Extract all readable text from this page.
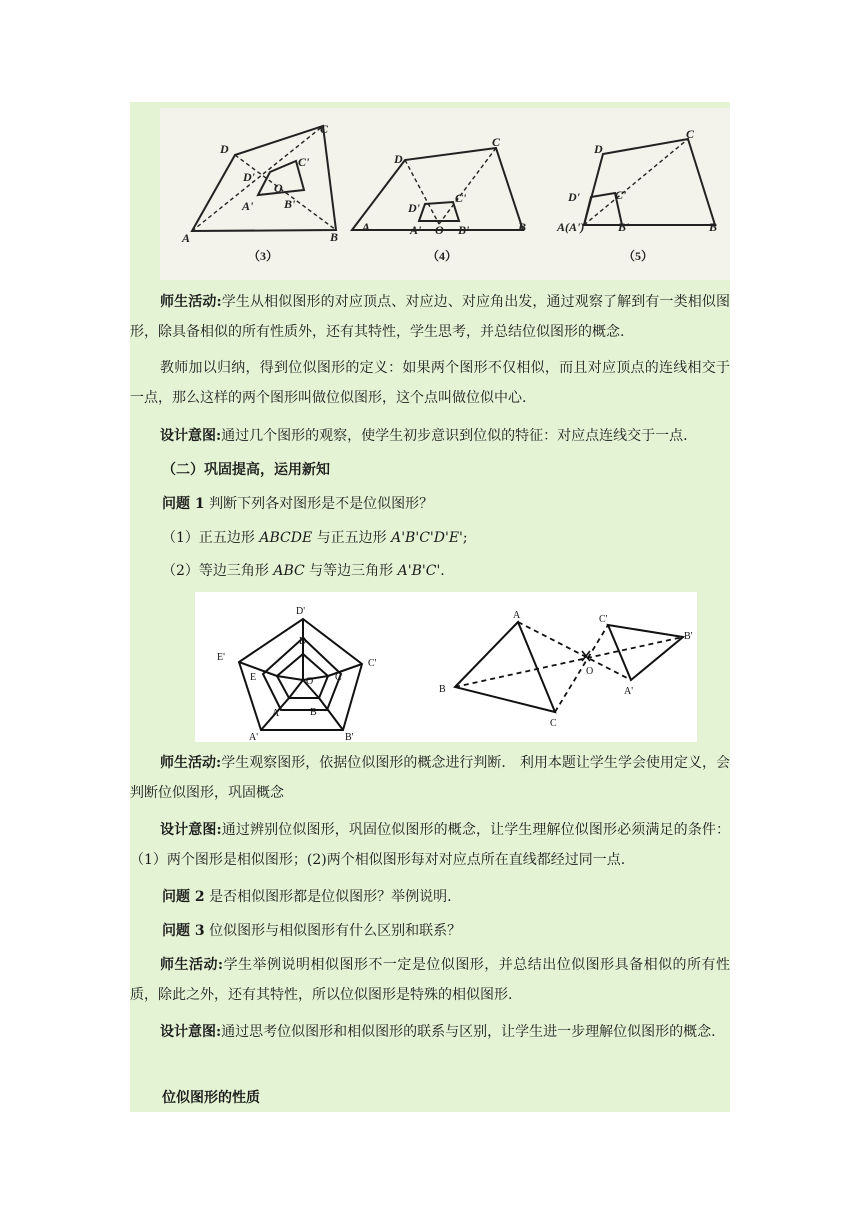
D
C
D'
C'
O
A'	B'
A	B
D
C
D'
C'
A	A' O B'	B
D
C
D'	C'
A(A')	B'	B
（3）	（4）	（5）
师生活动:学生从相似图形的对应顶点、对应边、对应角出发，通过观察了解到有一类相似图形，除具备相似的所有性质外，还有其特性，学生思考，并总结位似图形的概念.
教师加以归纳，得到位似图形的定义：如果两个图形不仅相似，而且对应顶点的连线相交于一点，那么这样的两个图形叫做位似图形，这个点叫做位似中心.
设计意图:通过几个图形的观察，使学生初步意识到位似的特征：对应点连线交于一点.
（二）巩固提高，运用新知
问题 1 判断下列各对图形是不是位似图形？
（1）正五边形 ABCDE 与正五边形 A'B'C'D'E';
（2）等边三角形 ABC 与等边三角形 A'B'C'.
D'
D
E'
C'
E	O C
A	B
A'	B'
A	C'
B'
O
B	A'
C
师生活动:学生观察图形，依据位似图形的概念进行判断． 利用本题让学生学会使用定义，会判断位似图形，巩固概念
设计意图:通过辨别位似图形，巩固位似图形的概念，让学生理解位似图形必须满足的条件：（1）两个图形是相似图形；(2)两个相似图形每对对应点所在直线都经过同一点.
问题 2 是否相似图形都是位似图形？举例说明.
问题 3 位似图形与相似图形有什么区别和联系？
师生活动:学生举例说明相似图形不一定是位似图形，并总结出位似图形具备相似的所有性质，除此之外，还有其特性，所以位似图形是特殊的相似图形.
设计意图:通过思考位似图形和相似图形的联系与区别，让学生进一步理解位似图形的概念.
位似图形的性质
